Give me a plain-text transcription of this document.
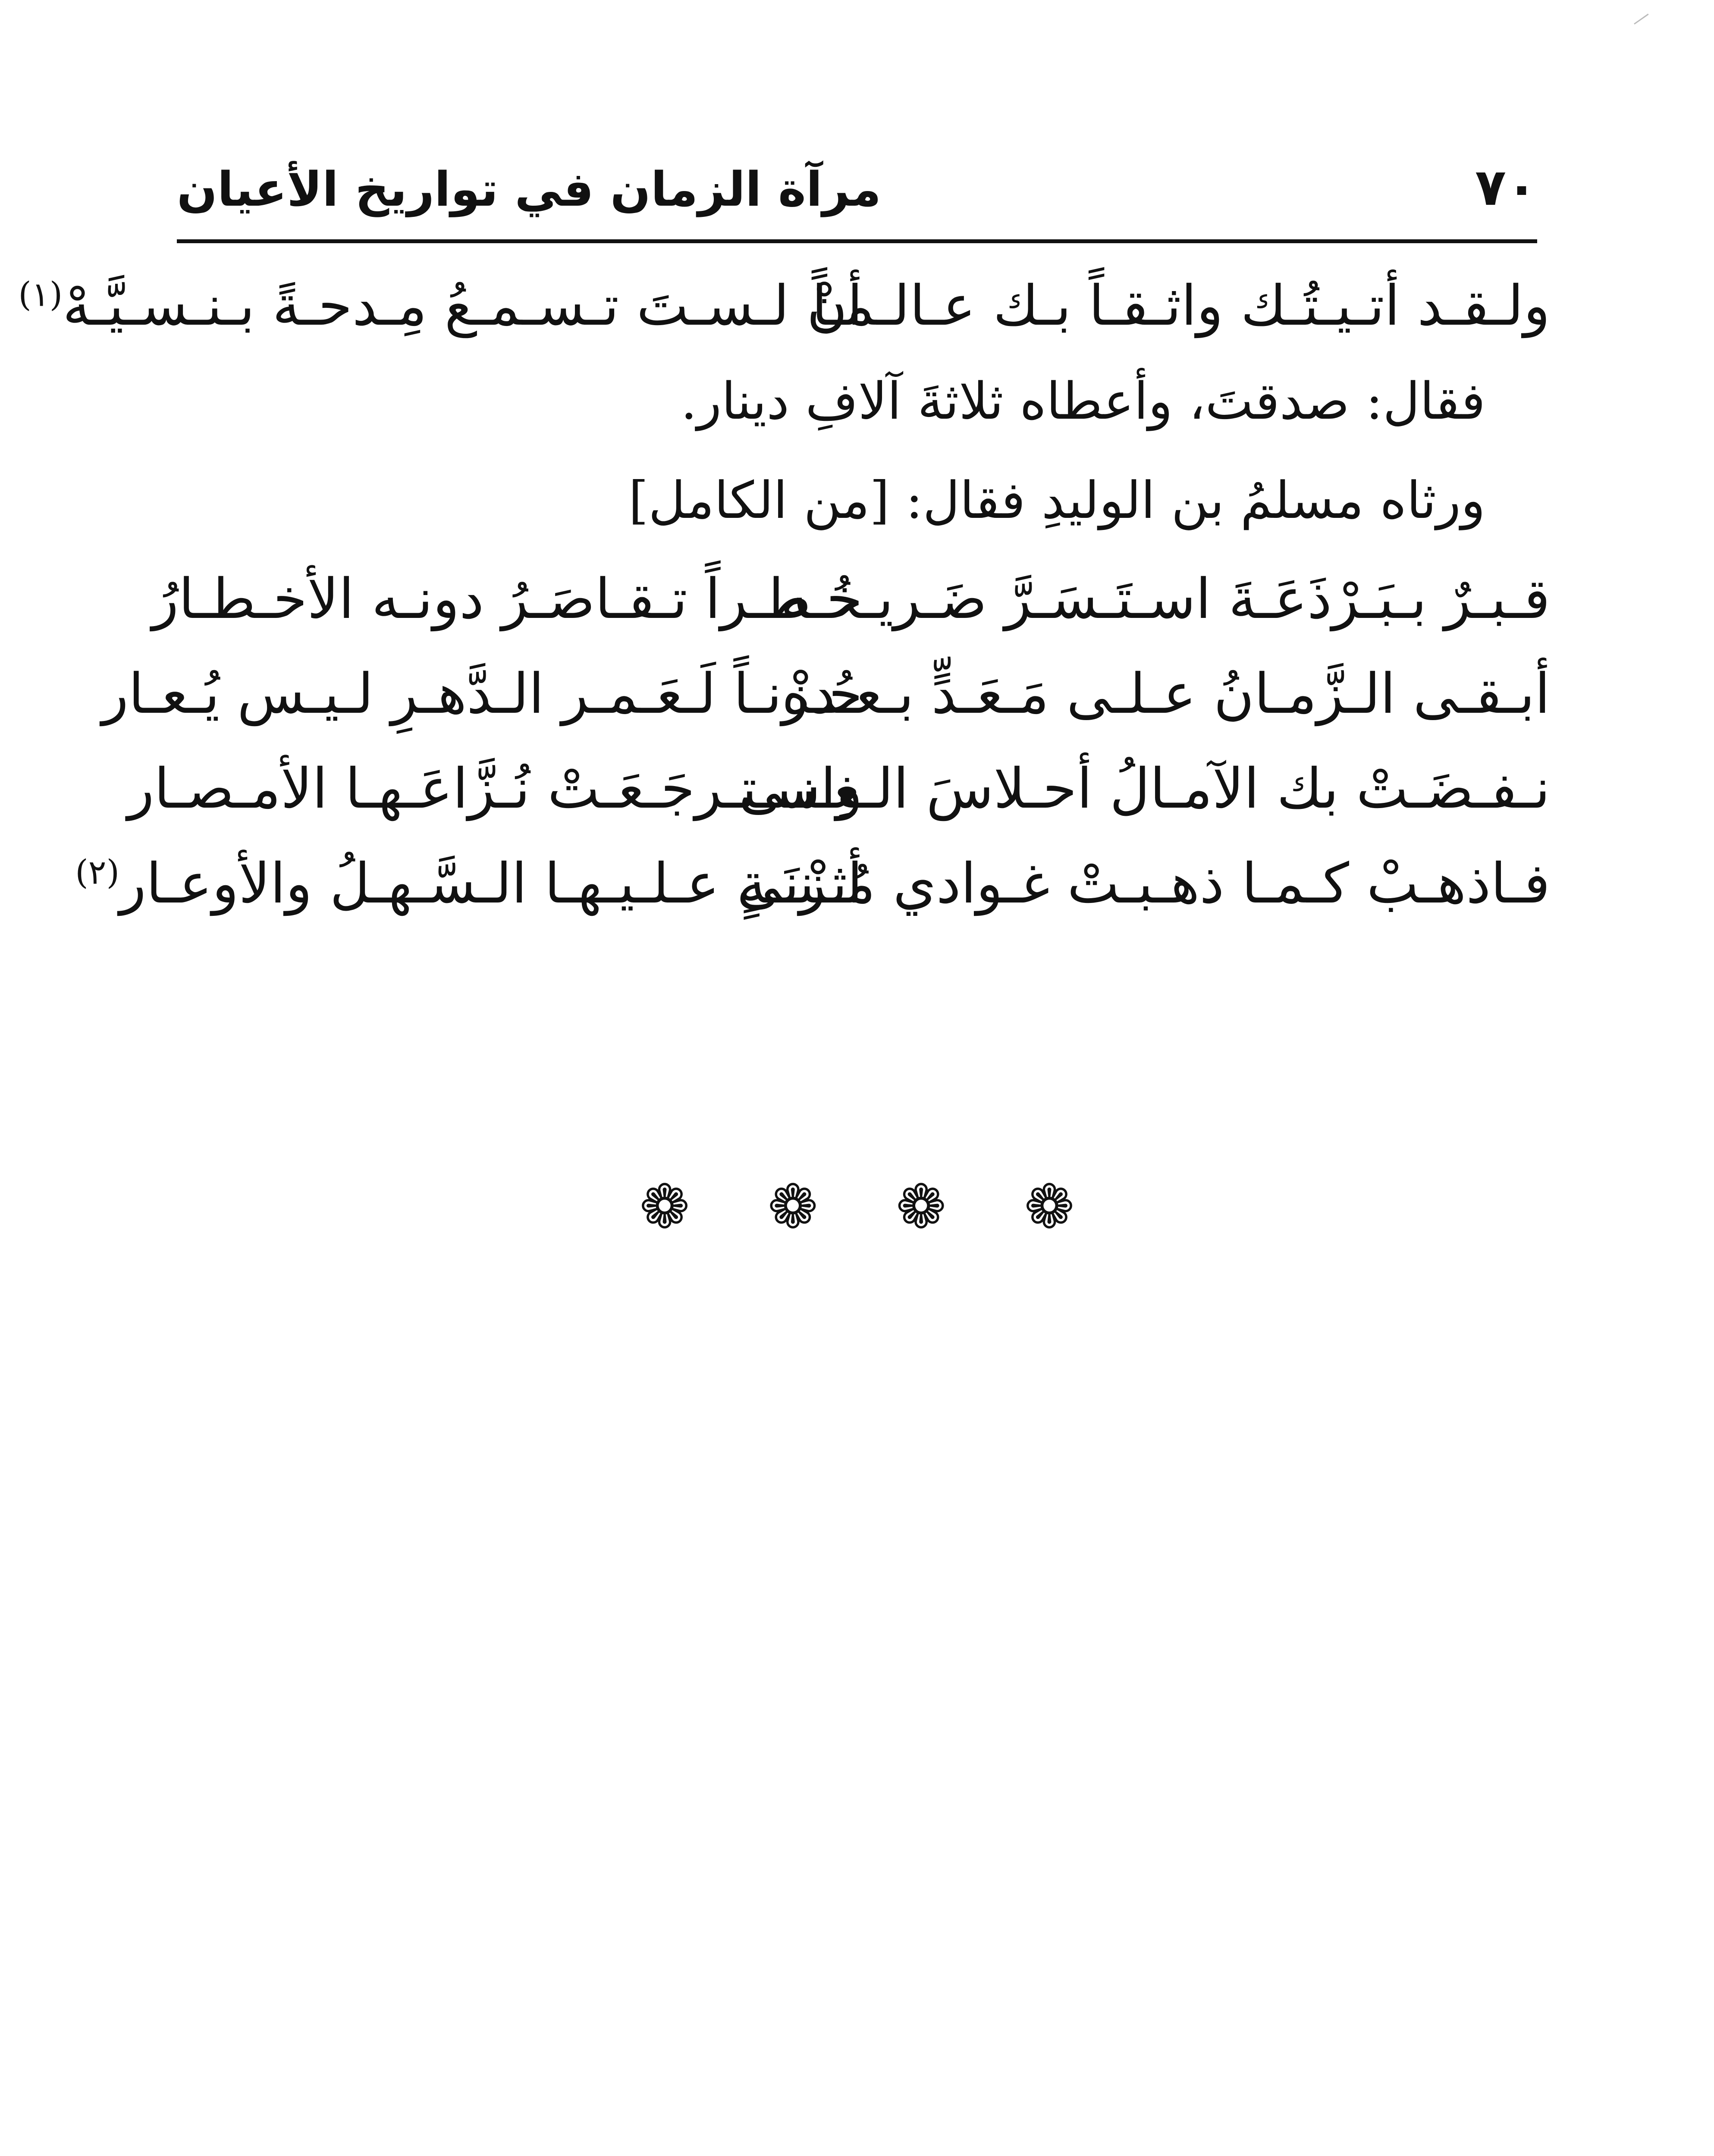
مرآة الزمان في تواريخ الأعيان	٧٠
ولـقـد أتـيـتُـك واثـقـاً بـك عـالـمـاً
أنْ لـسـتَ تـسـمـعُ مِـدحـةً بـنـسـيَّـهْ$^{(١)}$
فقال: صدقتَ، وأعطاه ثلاثةَ آلافِ دينار.
ورثاه مسلمُ بن الوليدِ فقال: [من الكامل]
قـبـرٌ بـبَـرْذَعَـةَ اسـتَـسَـرَّ ضَـريـحُـه
خـطـراً تـقـاصَـرُ دونـه الأخـطـارُ
أبـقـى الـزَّمـانُ عـلـى مَـعَـدٍّ بـعـده
حُـزْنـاً لَـعَـمـر الـدَّهـرِ لـيـس يُـعـار
نـفـضَـتْ بك الآمـالُ أحـلاسَ الـغِـنـى
واسـتـرجَـعَـتْ نُـزَّاعَـهـا الأمـصـار
فـاذهـبْ كـمـا ذهـبـتْ غـوادي مُـزْنَـةٍ
أثـنـى عـلـيـهـا الـسَّـهـلُ والأوعـار$^{(٢)}$
❁ ❁ ❁ ❁
